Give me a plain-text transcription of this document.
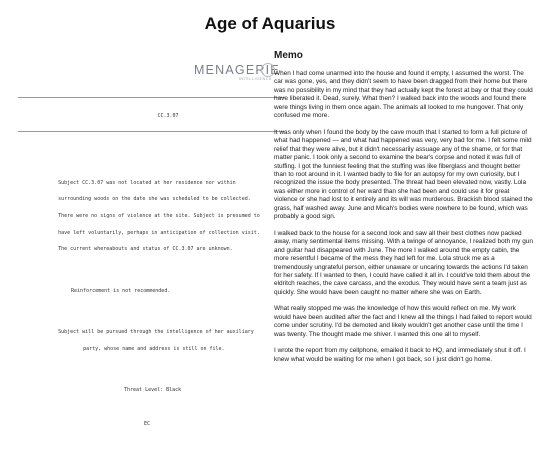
Age of Aquarius
MENAGERIE
INTELLIGENCE
CC.3.07

Subject CC.3.07 was not located at her residence nor within

surrounding woods on the date she was scheduled to be collected.

There were no signs of violence at the site. Subject is presumed to

have left voluntarily, perhaps in anticipation of collection visit.

The current whereabouts and status of CC.3.07 are unknown.

Reinforcement is not recommended.

Subject will be pursued through the intelligence of her auxiliary

party, whose name and address is still on file.

Threat Level: Black

EC

Memo

When I had come unarmed into the house and found it empty, I assumed the worst. The car was gone, yes, and they didn't seem to have been dragged from their home but there was no possibility in my mind that they had actually kept the forest at bay or that they could have liberated it. Dead, surely. What then? I walked back into the woods and found there were things living in them once again. The animals all looked to me hungover. That only confused me more.

It was only when I found the body by the cave mouth that I started to form a full picture of what had happened — and what had happened was very, very bad for me. I felt some mild relief that they were alive, but it didn't necessarily assuage any of the shame, or for that matter panic. I took only a second to examine the bear's corpse and noted it was full of stuffing. I got the funniest feeling that the stuffing was like fiberglass and thought better than to root around in it. I wanted badly to file for an autopsy for my own curiosity, but I recognized the issue the body presented. The threat had been elevated now, vastly. Lola was either more in control of her ward than she had been and could use it for great violence or she had lost to it entirely and its will was murderous. Brackish blood stained the grass, half washed away. June and Micah's bodies were nowhere to be found, which was probably a good sign.

I walked back to the house for a second look and saw all their best clothes now packed away, many sentimental items missing. With a twinge of annoyance, I realized both my gun and guitar had disappeared with June. The more I walked around the empty cabin, the more resentful I became of the mess they had left for me. Lola struck me as a tremendously ungrateful person, either unaware or uncaring towards the actions I'd taken for her safety. If I wanted to then, I could have called it all in. I could've told them about the eldritch reaches, the cave carcass, and the exodus. They would have sent a team just as quickly. She would have been caught no matter where she was on Earth.

What really stopped me was the knowledge of how this would reflect on me. My work would have been audited after the fact and I knew all the things I had failed to report would come under scrutiny. I'd be demoted and likely wouldn't get another case until the time I was twenty. The thought made me shiver. I wanted this one all to myself.

I wrote the report from my cellphone, emailed it back to HQ, and immediately shut it off. I knew what would be waiting for me when I got back, so I just didn't go home.
